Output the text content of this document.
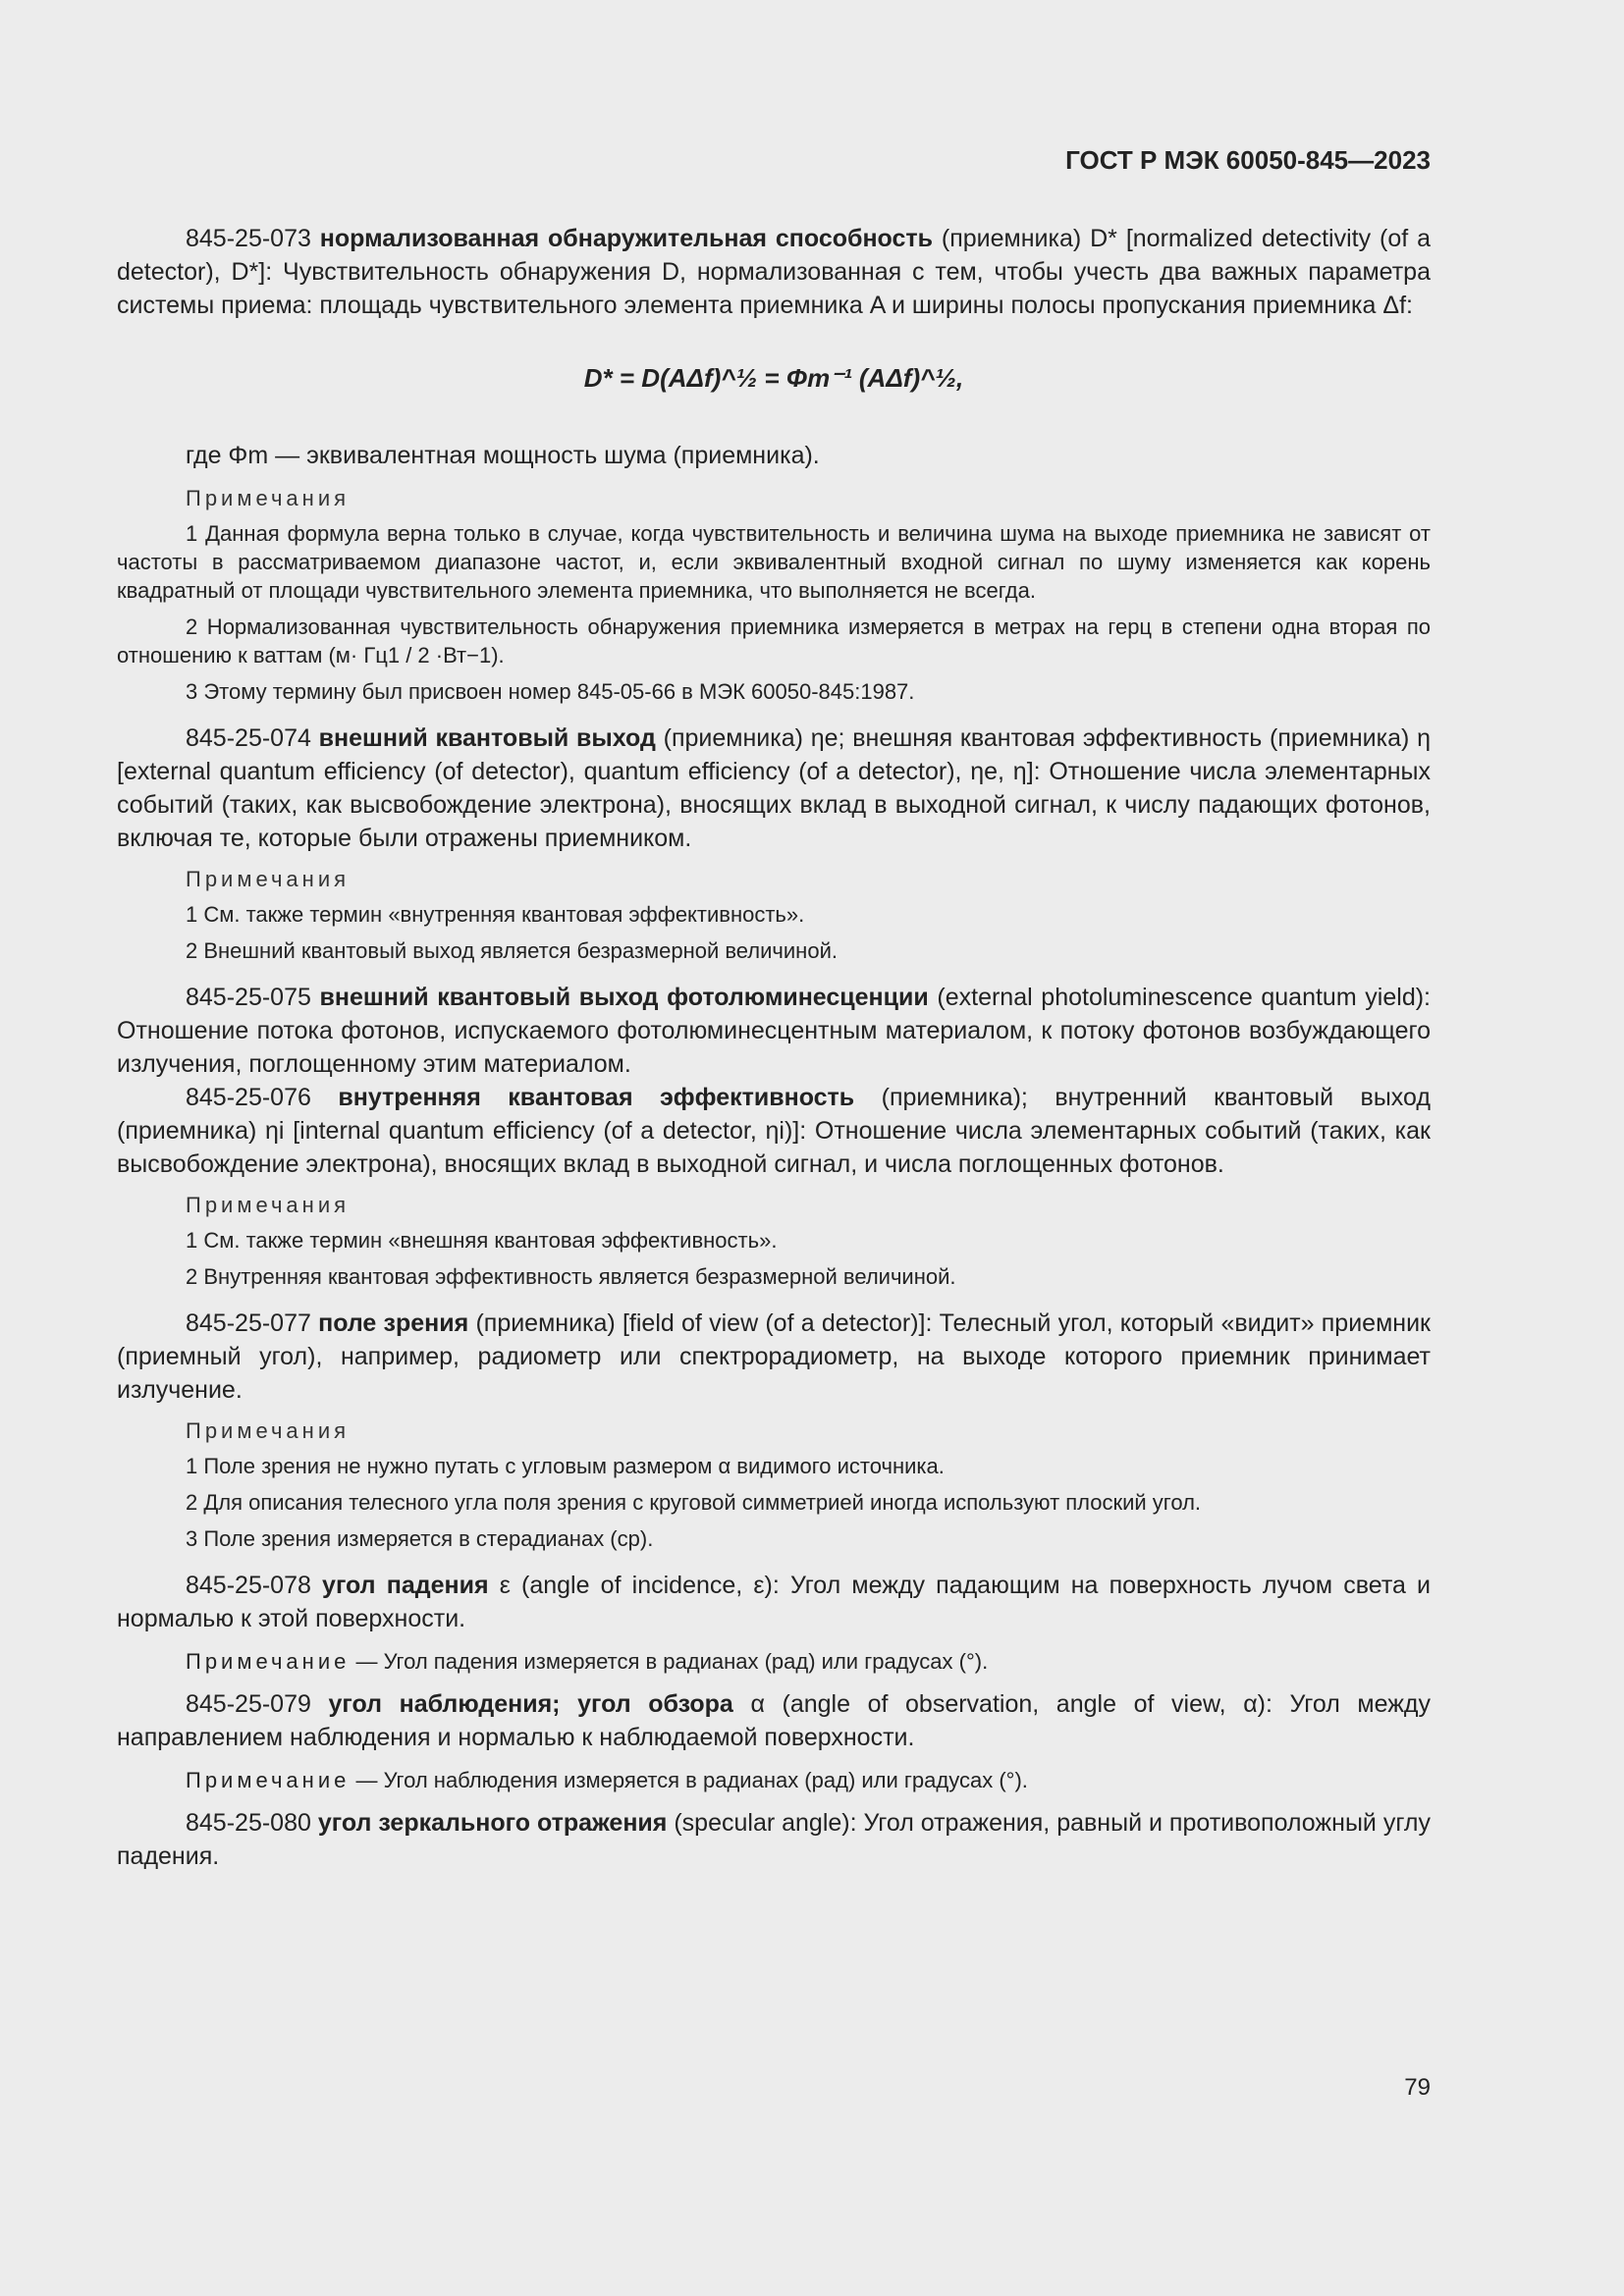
ГОСТ Р МЭК 60050-845—2023

845-25-073 нормализованная обнаружительная способность (приемника) D* [normalized detectivity (of a detector), D*]: Чувствительность обнаружения D, нормализованная с тем, чтобы учесть два важных параметра системы приема: площадь чувствительного элемента приемника A и ширины полосы пропускания приемника Δf:

D* = D(AΔf)^½ = Φm⁻¹ (AΔf)^½,

где Φm — эквивалентная мощность шума (приемника).

Примечания

1 Данная формула верна только в случае, когда чувствительность и величина шума на выходе приемника не зависят от частоты в рассматриваемом диапазоне частот, и, если эквивалентный входной сигнал по шуму изменяется как корень квадратный от площади чувствительного элемента приемника, что выполняется не всегда.

2 Нормализованная чувствительность обнаружения приемника измеряется в метрах на герц в степени одна вторая по отношению к ваттам (м· Гц1 / 2 ·Вт−1).

3 Этому термину был присвоен номер 845-05-66 в МЭК 60050-845:1987.

845-25-074 внешний квантовый выход (приемника) ηe; внешняя квантовая эффективность (приемника) η [external quantum efficiency (of detector), quantum efficiency (of a detector), ηe, η]: Отношение числа элементарных событий (таких, как высвобождение электрона), вносящих вклад в выходной сигнал, к числу падающих фотонов, включая те, которые были отражены приемником.

Примечания

1 См. также термин «внутренняя квантовая эффективность».

2 Внешний квантовый выход является безразмерной величиной.

845-25-075 внешний квантовый выход фотолюминесценции (external photoluminescence quantum yield): Отношение потока фотонов, испускаемого фотолюминесцентным материалом, к потоку фотонов возбуждающего излучения, поглощенному этим материалом.

845-25-076 внутренняя квантовая эффективность (приемника); внутренний квантовый выход (приемника) ηi [internal quantum efficiency (of a detector, ηi)]: Отношение числа элементарных событий (таких, как высвобождение электрона), вносящих вклад в выходной сигнал, и числа поглощенных фотонов.

Примечания

1 См. также термин «внешняя квантовая эффективность».

2 Внутренняя квантовая эффективность является безразмерной величиной.

845-25-077 поле зрения (приемника) [field of view (of a detector)]: Телесный угол, который «видит» приемник (приемный угол), например, радиометр или спектрорадиометр, на выходе которого приемник принимает излучение.

Примечания

1 Поле зрения не нужно путать с угловым размером α видимого источника.

2 Для описания телесного угла поля зрения с круговой симметрией иногда используют плоский угол.

3 Поле зрения измеряется в стерадианах (ср).

845-25-078 угол падения ε (angle of incidence, ε): Угол между падающим на поверхность лучом света и нормалью к этой поверхности.

Примечание — Угол падения измеряется в радианах (рад) или градусах (°).

845-25-079 угол наблюдения; угол обзора α (angle of observation, angle of view, α): Угол между направлением наблюдения и нормалью к наблюдаемой поверхности.

Примечание — Угол наблюдения измеряется в радианах (рад) или градусах (°).

845-25-080 угол зеркального отражения (specular angle): Угол отражения, равный и противоположный углу падения.

79
